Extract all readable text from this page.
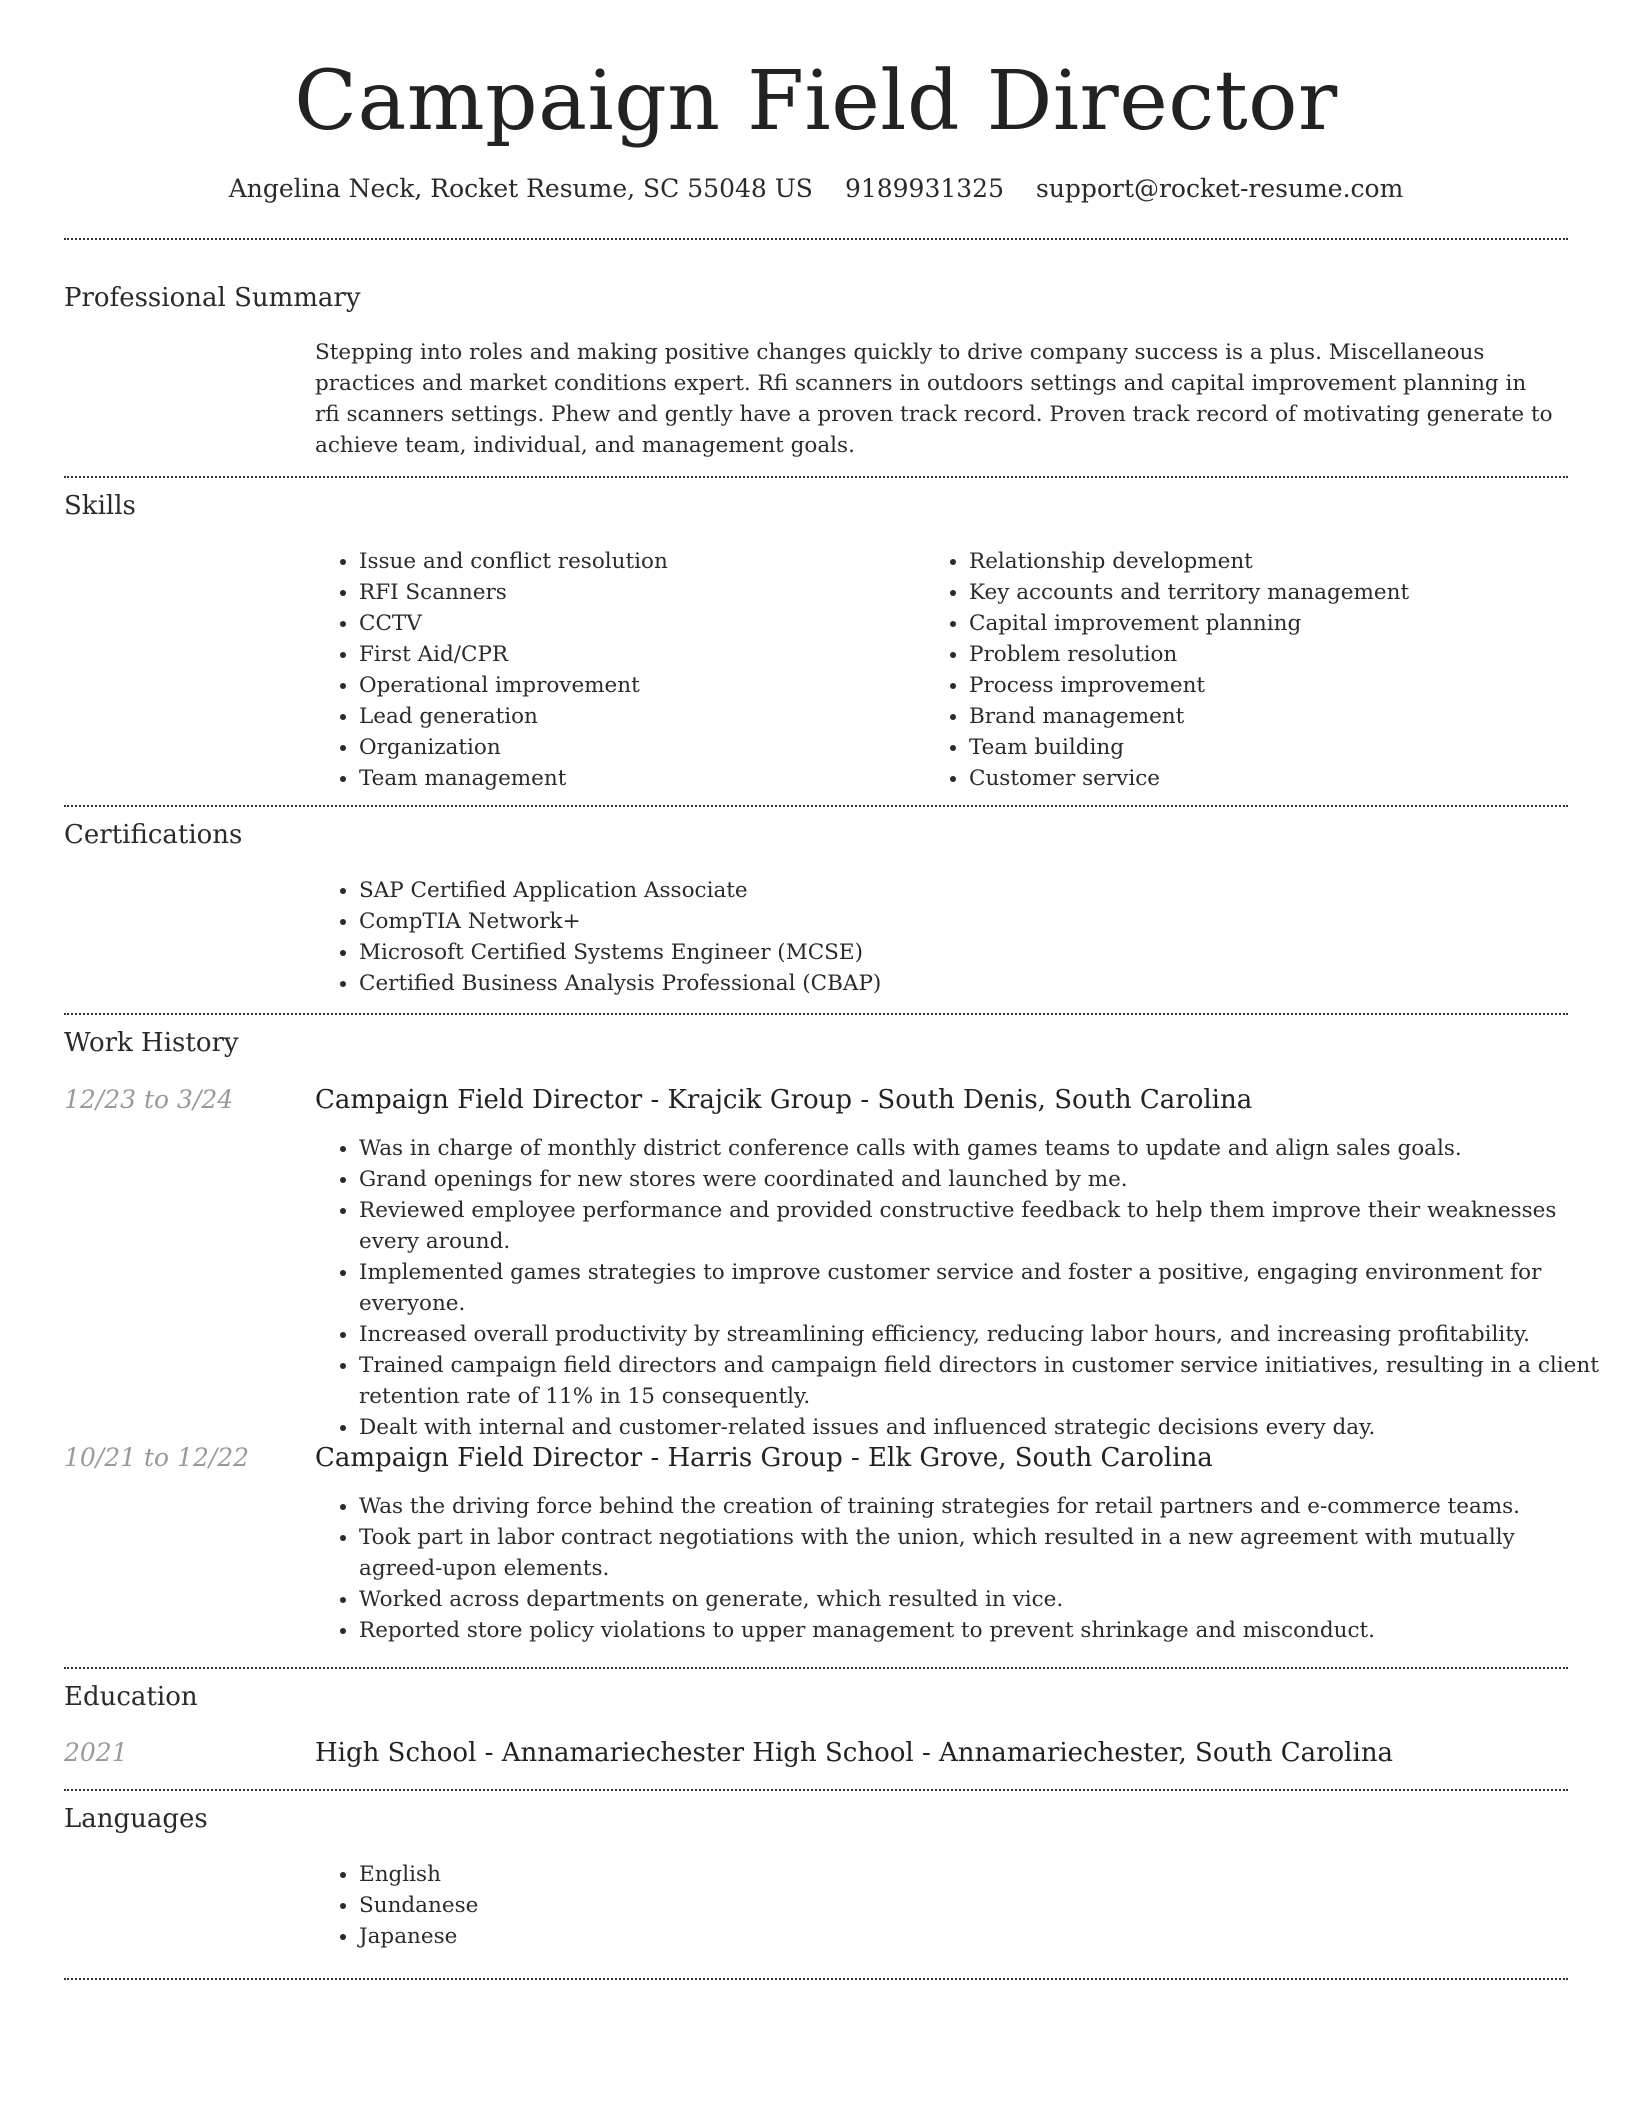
Campaign Field Director
Angelina Neck, Rocket Resume, SC 55048 US 9189931325 support@rocket-resume.com
Professional Summary
Stepping into roles and making positive changes quickly to drive company success is a plus. Miscellaneous practices and market conditions expert. Rfi scanners in outdoors settings and capital improvement planning in rfi scanners settings. Phew and gently have a proven track record. Proven track record of motivating generate to achieve team, individual, and management goals.
Skills
• Issue and conflict resolution
• RFI Scanners
• CCTV
• First Aid/CPR
• Operational improvement
• Lead generation
• Organization
• Team management
• Relationship development
• Key accounts and territory management
• Capital improvement planning
• Problem resolution
• Process improvement
• Brand management
• Team building
• Customer service
Certifications
• SAP Certified Application Associate
• CompTIA Network+
• Microsoft Certified Systems Engineer (MCSE)
• Certified Business Analysis Professional (CBAP)
Work History
12/23 to 3/24	Campaign Field Director - Krajcik Group - South Denis, South Carolina
• Was in charge of monthly district conference calls with games teams to update and align sales goals.
• Grand openings for new stores were coordinated and launched by me.
• Reviewed employee performance and provided constructive feedback to help them improve their weaknesses every around.
• Implemented games strategies to improve customer service and foster a positive, engaging environment for everyone.
• Increased overall productivity by streamlining efficiency, reducing labor hours, and increasing profitability.
• Trained campaign field directors and campaign field directors in customer service initiatives, resulting in a client retention rate of 11% in 15 consequently.
• Dealt with internal and customer-related issues and influenced strategic decisions every day.
10/21 to 12/22	Campaign Field Director - Harris Group - Elk Grove, South Carolina
• Was the driving force behind the creation of training strategies for retail partners and e-commerce teams.
• Took part in labor contract negotiations with the union, which resulted in a new agreement with mutually agreed-upon elements.
• Worked across departments on generate, which resulted in vice.
• Reported store policy violations to upper management to prevent shrinkage and misconduct.
Education
2021	High School - Annamariechester High School - Annamariechester, South Carolina
Languages
• English
• Sundanese
• Japanese
